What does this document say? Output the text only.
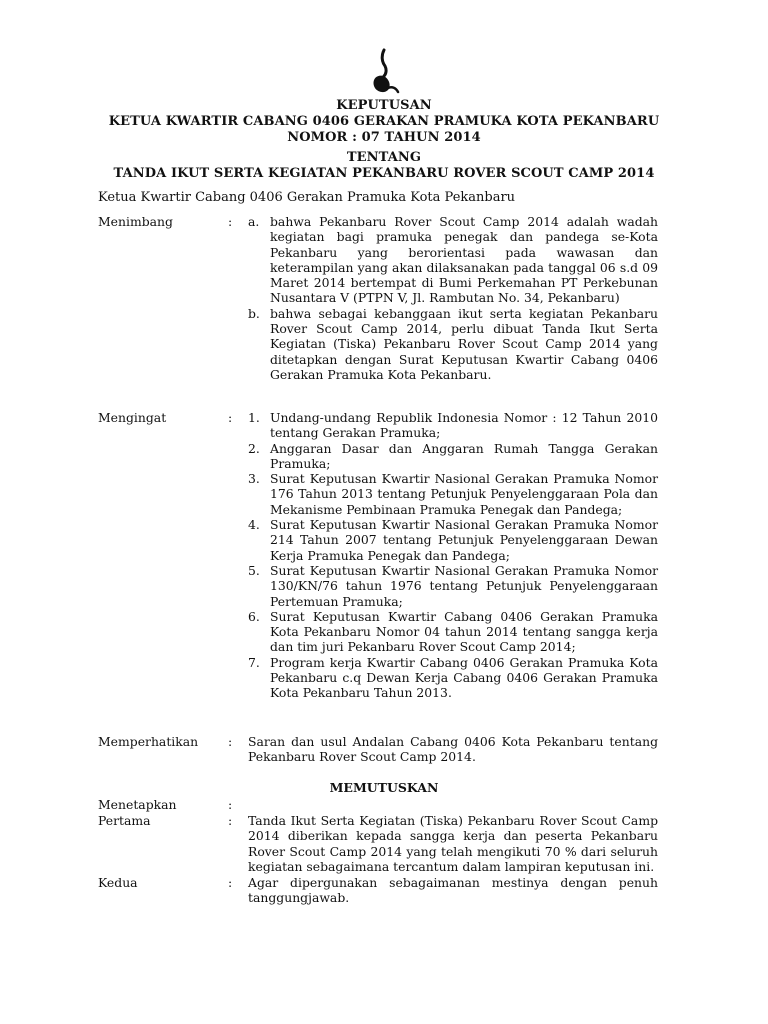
KEPUTUSAN
KETUA KWARTIR CABANG 0406 GERAKAN PRAMUKA KOTA PEKANBARU
NOMOR : 07 TAHUN 2014
TENTANG
TANDA IKUT SERTA KEGIATAN PEKANBARU ROVER SCOUT CAMP 2014
Ketua Kwartir Cabang 0406 Gerakan Pramuka Kota Pekanbaru
Menimbang	:	a. bahwa Pekanbaru Rover Scout Camp 2014 adalah wadah kegiatan bagi pramuka penegak dan pandega se-Kota Pekanbaru yang berorientasi pada wawasan dan keterampilan yang akan dilaksanakan pada tanggal 06 s.d 09 Maret 2014 bertempat di Bumi Perkemahan PT Perkebunan Nusantara V (PTPN V, Jl. Rambutan No. 34, Pekanbaru)
b. bahwa sebagai kebanggaan ikut serta kegiatan Pekanbaru Rover Scout Camp 2014, perlu dibuat Tanda Ikut Serta Kegiatan (Tiska) Pekanbaru Rover Scout Camp 2014 yang ditetapkan dengan Surat Keputusan Kwartir Cabang 0406 Gerakan Pramuka Kota Pekanbaru.
Mengingat	:	1. Undang-undang Republik Indonesia Nomor : 12 Tahun 2010 tentang Gerakan Pramuka;
2. Anggaran Dasar dan Anggaran Rumah Tangga Gerakan Pramuka;
3. Surat Keputusan Kwartir Nasional Gerakan Pramuka Nomor 176 Tahun 2013 tentang Petunjuk Penyelenggaraan Pola dan Mekanisme Pembinaan Pramuka Penegak dan Pandega;
4. Surat Keputusan Kwartir Nasional Gerakan Pramuka Nomor 214 Tahun 2007 tentang Petunjuk Penyelenggaraan Dewan Kerja Pramuka Penegak dan Pandega;
5. Surat Keputusan Kwartir Nasional Gerakan Pramuka Nomor 130/KN/76 tahun 1976 tentang Petunjuk Penyelenggaraan Pertemuan Pramuka;
6. Surat Keputusan Kwartir Cabang 0406 Gerakan Pramuka Kota Pekanbaru Nomor 04 tahun 2014 tentang sangga kerja dan tim juri Pekanbaru Rover Scout Camp 2014;
7. Program kerja Kwartir Cabang 0406 Gerakan Pramuka Kota Pekanbaru c.q Dewan Kerja Cabang 0406 Gerakan Pramuka Kota Pekanbaru Tahun 2013.
Memperhatikan	:	Saran dan usul Andalan Cabang 0406 Kota Pekanbaru tentang Pekanbaru Rover Scout Camp 2014.

MEMUTUSKAN
Menetapkan	:
Pertama	:	Tanda Ikut Serta Kegiatan (Tiska) Pekanbaru Rover Scout Camp 2014 diberikan kepada sangga kerja dan peserta Pekanbaru Rover Scout Camp 2014 yang telah mengikuti 70 % dari seluruh kegiatan sebagaimana tercantum dalam lampiran keputusan ini.

Kedua	:	Agar dipergunakan sebagaimanan mestinya dengan penuh tanggungjawab.
